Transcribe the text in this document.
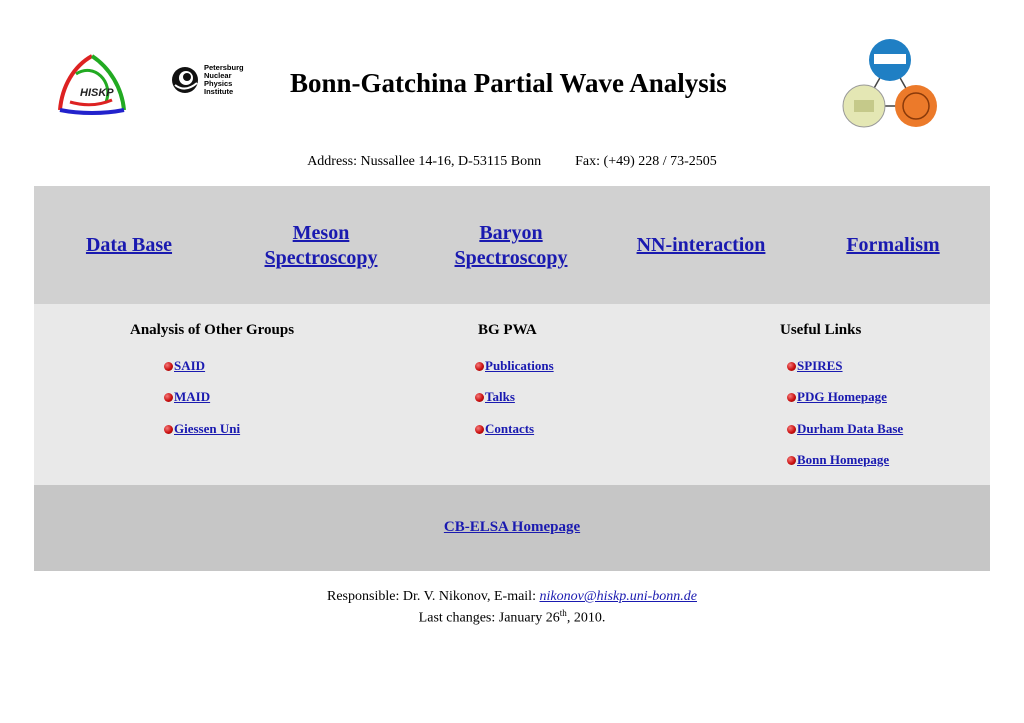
HISKP
Petersburg
Nuclear
Physics
Institute	Bonn-Gatchina Partial Wave Analysis
Address: Nussallee 14-16, D-53115 Bonn Fax: (+49) 228 / 73-2505
Data Base
Meson
Spectroscopy
Baryon
Spectroscopy
NN-interaction	Formalism
Analysis of Other Groups
SAID
MAID
Giessen Uni
BG PWA
Publications
Talks
Contacts
Useful Links
SPIRES
PDG Homepage
Durham Data Base
Bonn Homepage
CB-ELSA Homepage
Responsible: Dr. V. Nikonov, E-mail: nikonov@hiskp.uni-bonn.de
Last changes: January 26th, 2010.
